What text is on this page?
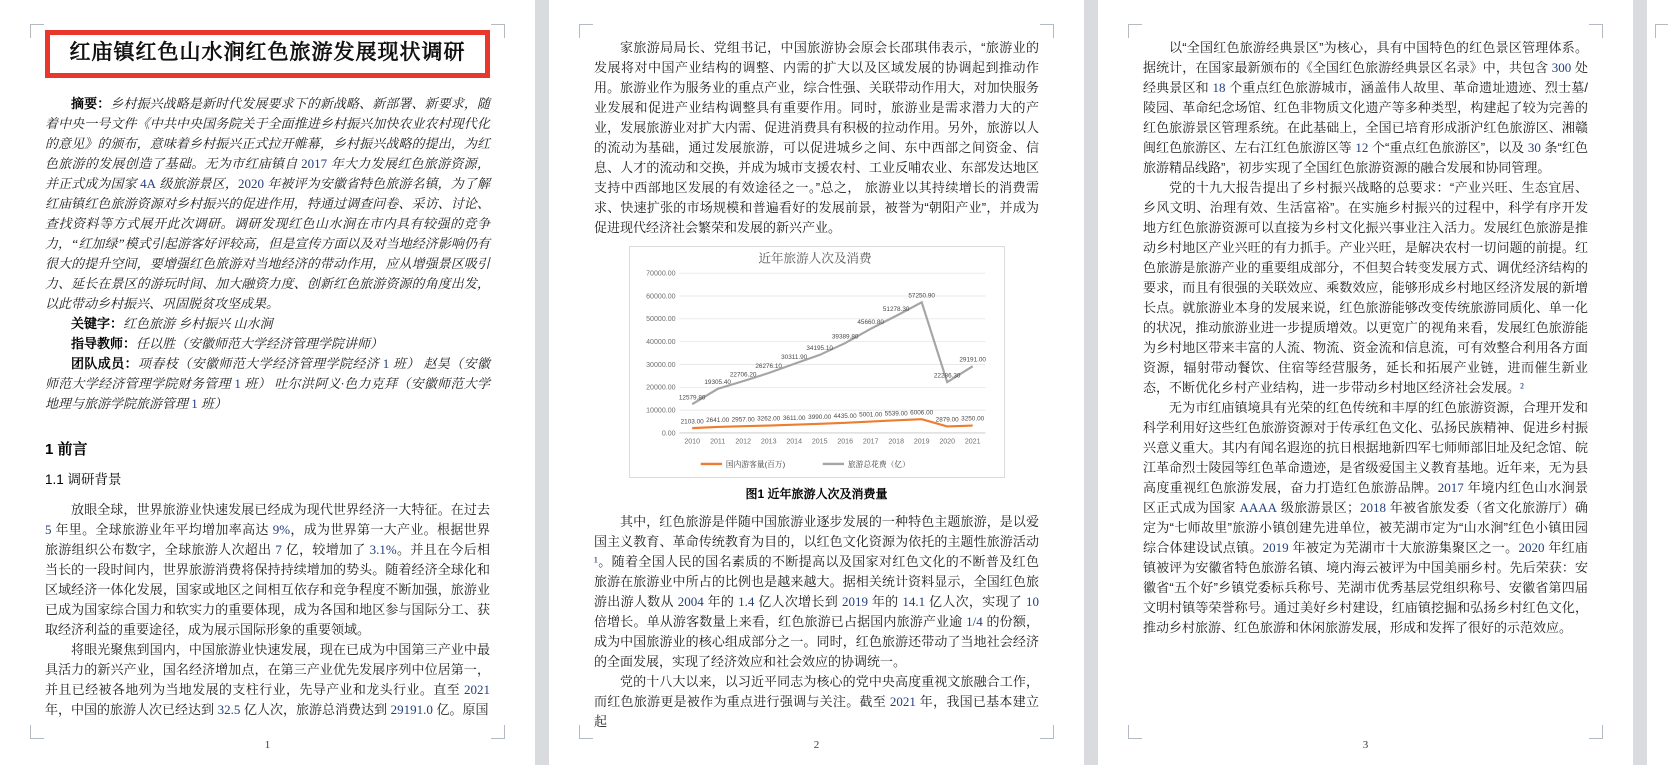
红庙镇红色山水涧红色旅游发展现状调研

摘要：乡村振兴战略是新时代发展要求下的新战略、新部署、新要求，随着中央一号文件《中共中央国务院关于全面推进乡村振兴加快农业农村现代化的意见》的颁布，意味着乡村振兴正式拉开帷幕，乡村振兴战略的提出，为红色旅游的发展创造了基础。无为市红庙镇自 2017 年大力发展红色旅游资源，并正式成为国家 4A 级旅游景区，2020 年被评为安徽省特色旅游名镇，为了解红庙镇红色旅游资源对乡村振兴的促进作用，特通过调查问卷、采访、讨论、查找资料等方式展开此次调研。调研发现红色山水涧在市内具有较强的竞争力，“红加绿”模式引起游客好评较高，但是宣传方面以及对当地经济影响仍有很大的提升空间，要增强红色旅游对当地经济的带动作用，应从增强景区吸引力、延长在景区的游玩时间、加大融资力度、创新红色旅游资源的角度出发，以此带动乡村振兴、巩固脱贫攻坚成果。

关键字：红色旅游 乡村振兴 山水涧

指导教师：任以胜（安徽师范大学经济管理学院讲师）

团队成员：项春枝（安徽师范大学经济管理学院经济 1 班） 赵昊（安徽师范大学经济管理学院财务管理 1 班） 吐尔洪阿义·色力克拜（安徽师范大学地理与旅游学院旅游管理 1 班）

1 前言
1.1 调研背景

放眼全球，世界旅游业快速发展已经成为现代世界经济一大特征。在过去 5 年里。全球旅游业年平均增加率高达 9%，成为世界第一大产业。根据世界旅游组织公布数字，全球旅游人次超出 7 亿，较增加了 3.1%。并且在今后相当长的一段时间内，世界旅游消费将保持持续增加的势头。随着经济全球化和区域经济一体化发展，国家或地区之间相互依存和竞争程度不断加强，旅游业已成为国家综合国力和软实力的重要体现，成为各国和地区参与国际分工、获取经济利益的重要途径，成为展示国际形象的重要领域。

将眼光聚焦到国内，中国旅游业快速发展，现在已成为中国第三产业中最具活力的新兴产业，国名经济增加点，在第三产业优先发展序列中位居第一，并且已经被各地列为当地发展的支柱行业，先导产业和龙头行业。直至 2021 年，中国的旅游人次已经达到 32.5 亿人次，旅游总消费达到 29191.0 亿。原国

1

家旅游局局长、党组书记，中国旅游协会原会长邵琪伟表示，“旅游业的发展将对中国产业结构的调整、内需的扩大以及区域发展的协调起到推动作用。旅游业作为服务业的重点产业，综合性强、关联带动作用大，对加快服务业发展和促进产业结构调整具有重要作用。同时，旅游业是需求潜力大的产业，发展旅游业对扩大内需、促进消费具有积极的拉动作用。另外，旅游以人的流动为基础，通过发展旅游，可以促进城乡之间、东中西部之间资金、信息、人才的流动和交换，并成为城市支援农村、工业反哺农业、东部发达地区支持中西部地区发展的有效途径之一。”总之， 旅游业以其持续增长的消费需求、快速扩张的市场规模和普遍看好的发展前景，被誉为“朝阳产业”，并成为促进现代经济社会繁荣和发展的新兴产业。

近年旅游人次及消费
0.00
10000.00
20000.00
30000.00
40000.00
50000.00
60000.00
70000.00
2010 2011 2012 2013 2014 2015 2016 2017 2018 2019 2020 2021
12579.80
19305.40
22706.20
26276.10
30311.90
34195.10
39389.80
45660.80
51278.30
57250.90
22286.30
29191.00
2103.00 2641.00 2957.00 3262.00 3611.00 3990.00 4435.00 5001.00 5539.00 6006.00
2879.00 3250.00
国内游客量(百万)	旅游总花费（亿）
图1 近年旅游人次及消费量

其中，红色旅游是伴随中国旅游业逐步发展的一种特色主题旅游，是以爱国主义教育、革命传统教育为目的，以红色文化资源为依托的主题性旅游活动¹。随着全国人民的国名素质的不断提高以及国家对红色文化的不断普及红色旅游在旅游业中所占的比例也是越来越大。据相关统计资料显示，全国红色旅游出游人数从 2004 年的 1.4 亿人次增长到 2019 年的 14.1 亿人次，实现了 10 倍增长。单从游客数量上来看，红色旅游已占据国内旅游产业逾 1/4 的份额，成为中国旅游业的核心组成部分之一。同时，红色旅游还带动了当地社会经济的全面发展，实现了经济效应和社会效应的协调统一。

党的十八大以来，以习近平同志为核心的党中央高度重视文旅融合工作，而红色旅游更是被作为重点进行强调与关注。截至 2021 年，我国已基本建立起

2

以“全国红色旅游经典景区”为核心，具有中国特色的红色景区管理体系。据统计，在国家最新颁布的《全国红色旅游经典景区名录》中，共包含 300 处经典景区和 18 个重点红色旅游城市，涵盖伟人故里、革命遗址遗迹、烈士墓/陵园、革命纪念场馆、红色非物质文化遗产等多种类型，构建起了较为完善的红色旅游景区管理系统。在此基础上，全国已培育形成浙沪红色旅游区、湘赣闽红色旅游区、左右江红色旅游区等 12 个“重点红色旅游区”，以及 30 条“红色旅游精品线路”，初步实现了全国红色旅游资源的融合发展和协同管理。

党的十九大报告提出了乡村振兴战略的总要求：“产业兴旺、生态宜居、乡风文明、治理有效、生活富裕”。在实施乡村振兴的过程中，科学有序开发地方红色旅游资源可以直接为乡村文化振兴事业注入活力。发展红色旅游是推动乡村地区产业兴旺的有力抓手。产业兴旺，是解决农村一切问题的前提。红色旅游是旅游产业的重要组成部分，不但契合转变发展方式、调优经济结构的要求，而且有很强的关联效应、乘数效应，能够形成乡村地区经济发展的新增长点。就旅游业本身的发展来说，红色旅游能够改变传统旅游同质化、单一化的状况，推动旅游业进一步提质增效。以更宽广的视角来看，发展红色旅游能为乡村地区带来丰富的人流、物流、资金流和信息流，可有效整合利用各方面资源，辐射带动餐饮、住宿等经营服务，延长和拓展产业链，进而催生新业态，不断优化乡村产业结构，进一步带动乡村地区经济社会发展。²

无为市红庙镇境具有光荣的红色传统和丰厚的红色旅游资源，合理开发和科学利用好这些红色旅游资源对于传承红色文化、弘扬民族精神、促进乡村振兴意义重大。其内有闻名遐迩的抗日根据地新四军七师师部旧址及纪念馆、皖江革命烈士陵园等红色革命遗迹，是省级爱国主义教育基地。近年来，无为县高度重视红色旅游发展，奋力打造红色旅游品牌。2017 年境内红色山水涧景区正式成为国家 AAAA 级旅游景区；2018 年被省旅发委（省文化旅游厅）确定为“七师故里”旅游小镇创建先进单位，被芜湖市定为“山水涧”红色小镇田园综合体建设试点镇。2019 年被定为芜湖市十大旅游集聚区之一。2020 年红庙镇被评为安徽省特色旅游名镇、境内海云被评为中国美丽乡村。先后荣获：安徽省“五个好”乡镇党委标兵称号、芜湖市优秀基层党组织称号、安徽省第四届文明村镇等荣誉称号。通过美好乡村建设，红庙镇挖掘和弘扬乡村红色文化，推动乡村旅游、红色旅游和休闲旅游发展，形成和发挥了很好的示范效应。

3
